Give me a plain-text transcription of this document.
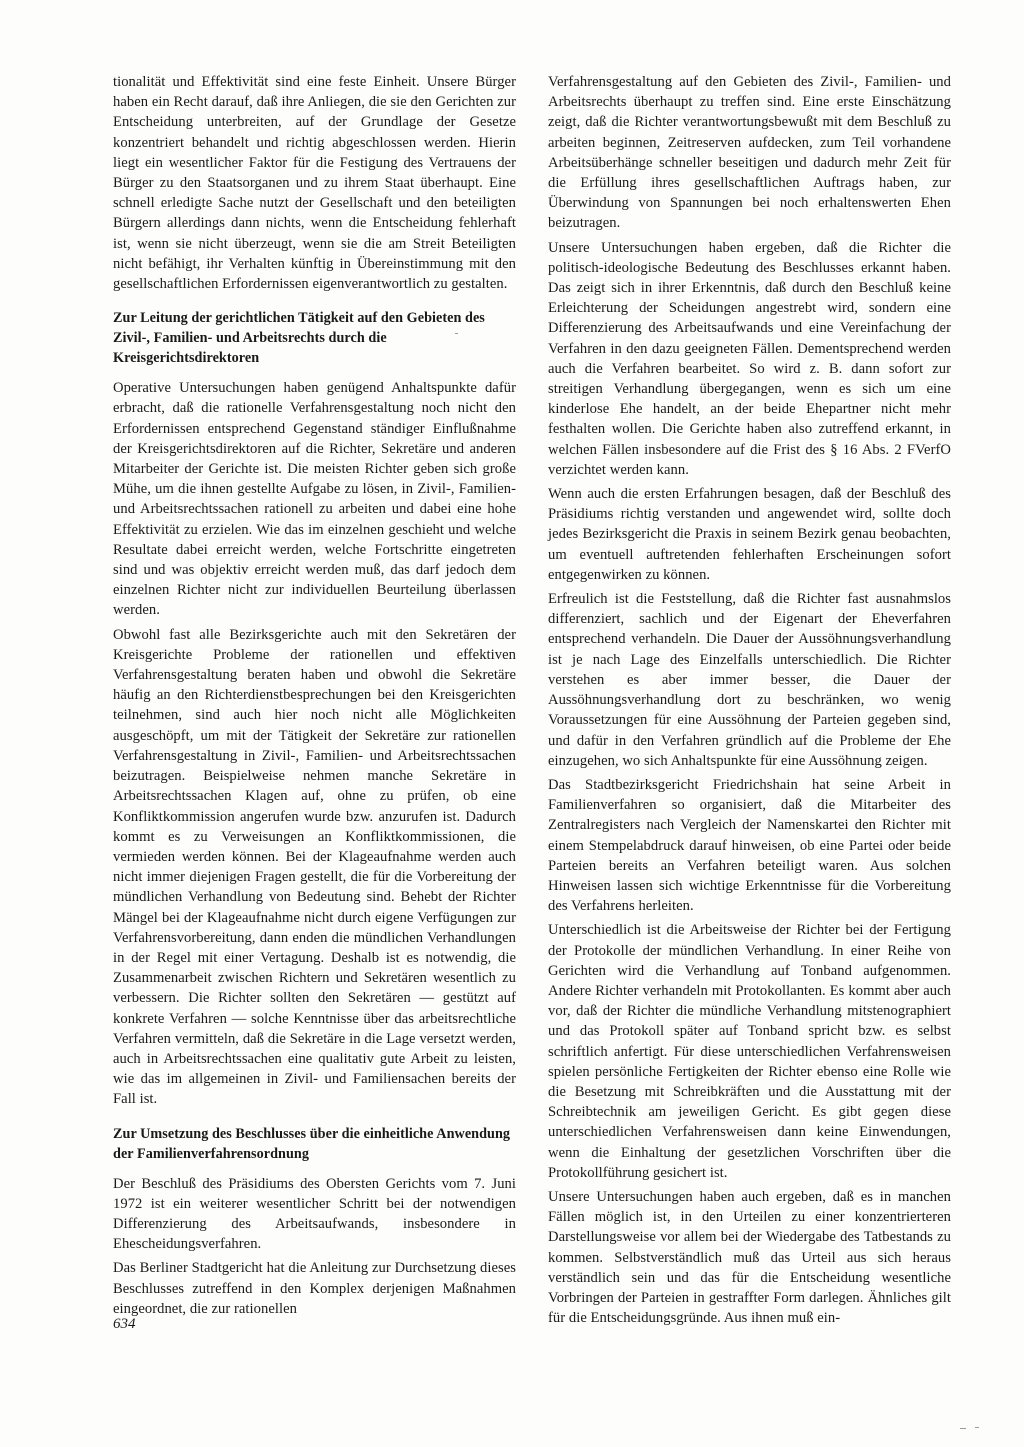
tionalität und Effektivität sind eine feste Einheit. Unsere Bürger haben ein Recht darauf, daß ihre Anliegen, die sie den Gerichten zur Entscheidung unterbreiten, auf der Grundlage der Gesetze konzentriert behandelt und richtig abgeschlossen werden. Hierin liegt ein wesentlicher Faktor für die Festigung des Vertrauens der Bürger zu den Staatsorganen und zu ihrem Staat überhaupt. Eine schnell erledigte Sache nutzt der Gesellschaft und den beteiligten Bürgern allerdings dann nichts, wenn die Entscheidung fehlerhaft ist, wenn sie nicht überzeugt, wenn sie die am Streit Beteiligten nicht befähigt, ihr Verhalten künftig in Übereinstimmung mit den gesellschaftlichen Erfordernissen eigenverantwortlich zu gestalten.

Zur Leitung der gerichtlichen Tätigkeit auf den Gebieten des Zivil-, Familien- und Arbeitsrechts durch die Kreisgerichtsdirektoren

Operative Untersuchungen haben genügend Anhaltspunkte dafür erbracht, daß die rationelle Verfahrensgestaltung noch nicht den Erfordernissen entsprechend Gegenstand ständiger Einflußnahme der Kreisgerichtsdirektoren auf die Richter, Sekretäre und anderen Mitarbeiter der Gerichte ist. Die meisten Richter geben sich große Mühe, um die ihnen gestellte Aufgabe zu lösen, in Zivil-, Familien- und Arbeitsrechtssachen rationell zu arbeiten und dabei eine hohe Effektivität zu erzielen. Wie das im einzelnen geschieht und welche Resultate dabei erreicht werden, welche Fortschritte eingetreten sind und was objektiv erreicht werden muß, das darf jedoch dem einzelnen Richter nicht zur individuellen Beurteilung überlassen werden.

Obwohl fast alle Bezirksgerichte auch mit den Sekretären der Kreisgerichte Probleme der rationellen und effektiven Verfahrensgestaltung beraten haben und obwohl die Sekretäre häufig an den Richterdienstbesprechungen bei den Kreisgerichten teilnehmen, sind auch hier noch nicht alle Möglichkeiten ausgeschöpft, um mit der Tätigkeit der Sekretäre zur rationellen Verfahrensgestaltung in Zivil-, Familien- und Arbeitsrechtssachen beizutragen. Beispielweise nehmen manche Sekretäre in Arbeitsrechtssachen Klagen auf, ohne zu prüfen, ob eine Konfliktkommission angerufen wurde bzw. anzurufen ist. Dadurch kommt es zu Verweisungen an Konfliktkommissionen, die vermieden werden können. Bei der Klageaufnahme werden auch nicht immer diejenigen Fragen gestellt, die für die Vorbereitung der mündlichen Verhandlung von Bedeutung sind. Behebt der Richter Mängel bei der Klageaufnahme nicht durch eigene Verfügungen zur Verfahrensvorbereitung, dann enden die mündlichen Verhandlungen in der Regel mit einer Vertagung. Deshalb ist es notwendig, die Zusammenarbeit zwischen Richtern und Sekretären wesentlich zu verbessern. Die Richter sollten den Sekretären — gestützt auf konkrete Verfahren — solche Kenntnisse über das arbeitsrechtliche Verfahren vermitteln, daß die Sekretäre in die Lage versetzt werden, auch in Arbeitsrechtssachen eine qualitativ gute Arbeit zu leisten, wie das im allgemeinen in Zivil- und Familiensachen bereits der Fall ist.

Zur Umsetzung des Beschlusses über die einheitliche Anwendung der Familienverfahrensordnung

Der Beschluß des Präsidiums des Obersten Gerichts vom 7. Juni 1972 ist ein weiterer wesentlicher Schritt bei der notwendigen Differenzierung des Arbeitsaufwands, insbesondere in Ehescheidungsverfahren.

Das Berliner Stadtgericht hat die Anleitung zur Durchsetzung dieses Beschlusses zutreffend in den Komplex derjenigen Maßnahmen eingeordnet, die zur rationellen

Verfahrensgestaltung auf den Gebieten des Zivil-, Familien- und Arbeitsrechts überhaupt zu treffen sind. Eine erste Einschätzung zeigt, daß die Richter verantwortungsbewußt mit dem Beschluß zu arbeiten beginnen, Zeitreserven aufdecken, zum Teil vorhandene Arbeitsüberhänge schneller beseitigen und dadurch mehr Zeit für die Erfüllung ihres gesellschaftlichen Auftrags haben, zur Überwindung von Spannungen bei noch erhaltenswerten Ehen beizutragen.

Unsere Untersuchungen haben ergeben, daß die Richter die politisch-ideologische Bedeutung des Beschlusses erkannt haben. Das zeigt sich in ihrer Erkenntnis, daß durch den Beschluß keine Erleichterung der Scheidungen angestrebt wird, sondern eine Differenzierung des Arbeitsaufwands und eine Vereinfachung der Verfahren in den dazu geeigneten Fällen. Dementsprechend werden auch die Verfahren bearbeitet. So wird z. B. dann sofort zur streitigen Verhandlung übergegangen, wenn es sich um eine kinderlose Ehe handelt, an der beide Ehepartner nicht mehr festhalten wollen. Die Gerichte haben also zutreffend erkannt, in welchen Fällen insbesondere auf die Frist des § 16 Abs. 2 FVerfO verzichtet werden kann.

Wenn auch die ersten Erfahrungen besagen, daß der Beschluß des Präsidiums richtig verstanden und angewendet wird, sollte doch jedes Bezirksgericht die Praxis in seinem Bezirk genau beobachten, um eventuell auftretenden fehlerhaften Erscheinungen sofort entgegenwirken zu können.

Erfreulich ist die Feststellung, daß die Richter fast ausnahmslos differenziert, sachlich und der Eigenart der Eheverfahren entsprechend verhandeln. Die Dauer der Aussöhnungsverhandlung ist je nach Lage des Einzelfalls unterschiedlich. Die Richter verstehen es aber immer besser, die Dauer der Aussöhnungsverhandlung dort zu beschränken, wo wenig Voraussetzungen für eine Aussöhnung der Parteien gegeben sind, und dafür in den Verfahren gründlich auf die Probleme der Ehe einzugehen, wo sich Anhaltspunkte für eine Aussöhnung zeigen.

Das Stadtbezirksgericht Friedrichshain hat seine Arbeit in Familienverfahren so organisiert, daß die Mitarbeiter des Zentralregisters nach Vergleich der Namenskartei den Richter mit einem Stempelabdruck darauf hinweisen, ob eine Partei oder beide Parteien bereits an Verfahren beteiligt waren. Aus solchen Hinweisen lassen sich wichtige Erkenntnisse für die Vorbereitung des Verfahrens herleiten.

Unterschiedlich ist die Arbeitsweise der Richter bei der Fertigung der Protokolle der mündlichen Verhandlung. In einer Reihe von Gerichten wird die Verhandlung auf Tonband aufgenommen. Andere Richter verhandeln mit Protokollanten. Es kommt aber auch vor, daß der Richter die mündliche Verhandlung mitstenographiert und das Protokoll später auf Tonband spricht bzw. es selbst schriftlich anfertigt. Für diese unterschiedlichen Verfahrensweisen spielen persönliche Fertigkeiten der Richter ebenso eine Rolle wie die Besetzung mit Schreibkräften und die Ausstattung mit der Schreibtechnik am jeweiligen Gericht. Es gibt gegen diese unterschiedlichen Verfahrensweisen dann keine Einwendungen, wenn die Einhaltung der gesetzlichen Vorschriften über die Protokollführung gesichert ist.

Unsere Untersuchungen haben auch ergeben, daß es in manchen Fällen möglich ist, in den Urteilen zu einer konzentrierteren Darstellungsweise vor allem bei der Wiedergabe des Tatbestands zu kommen. Selbstverständlich muß das Urteil aus sich heraus verständlich sein und das für die Entscheidung wesentliche Vorbringen der Parteien in gestraffter Form darlegen. Ähnliches gilt für die Entscheidungsgründe. Aus ihnen muß ein-

634
